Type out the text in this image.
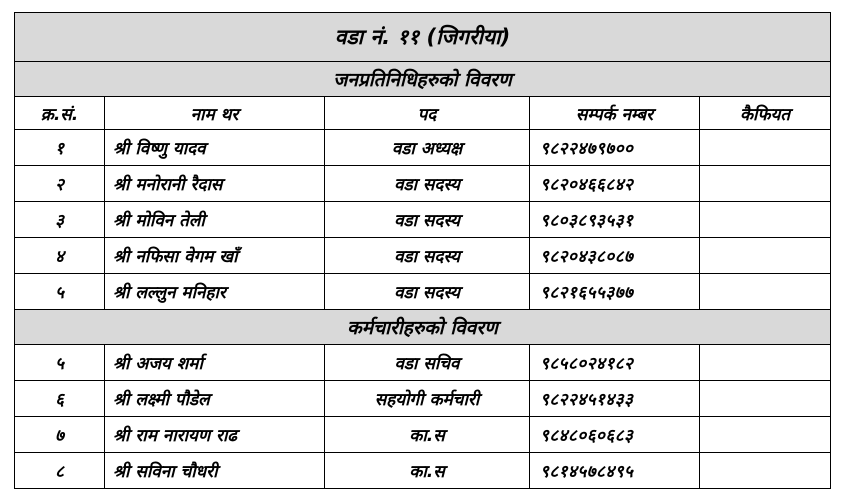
वडा नं. ११ (जिगरीया)				
जनप्रतिनिधिहरुको विवरण				
क्र.सं.	नाम थर	पद	सम्पर्क नम्बर	कैफियत
१	श्री विष्णु यादव	वडा अध्यक्ष	९८२२४७९७००	
२	श्री मनोरानी रैदास	वडा सदस्य	९८२०४६६८४२	
३	श्री मोविन तेली	वडा सदस्य	९८०३८९३५३१	
४	श्री नफिसा वेगम खाँ	वडा सदस्य	९८२०४३८०८७	
५	श्री लल्लुन मनिहार	वडा सदस्य	९८२१६५५३७७	
कर्मचारीहरुको विवरण				
५	श्री अजय शर्मा	वडा सचिव	९८५८०२४१८२	
६	श्री लक्ष्मी पौडेल	सहयोगी कर्मचारी	९८२२४५१४३३	
७	श्री राम नारायण राढ	का.स	९८४८०६०६८३	
८	श्री सविना चौधरी	का.स	९८१४५७८४९५	
